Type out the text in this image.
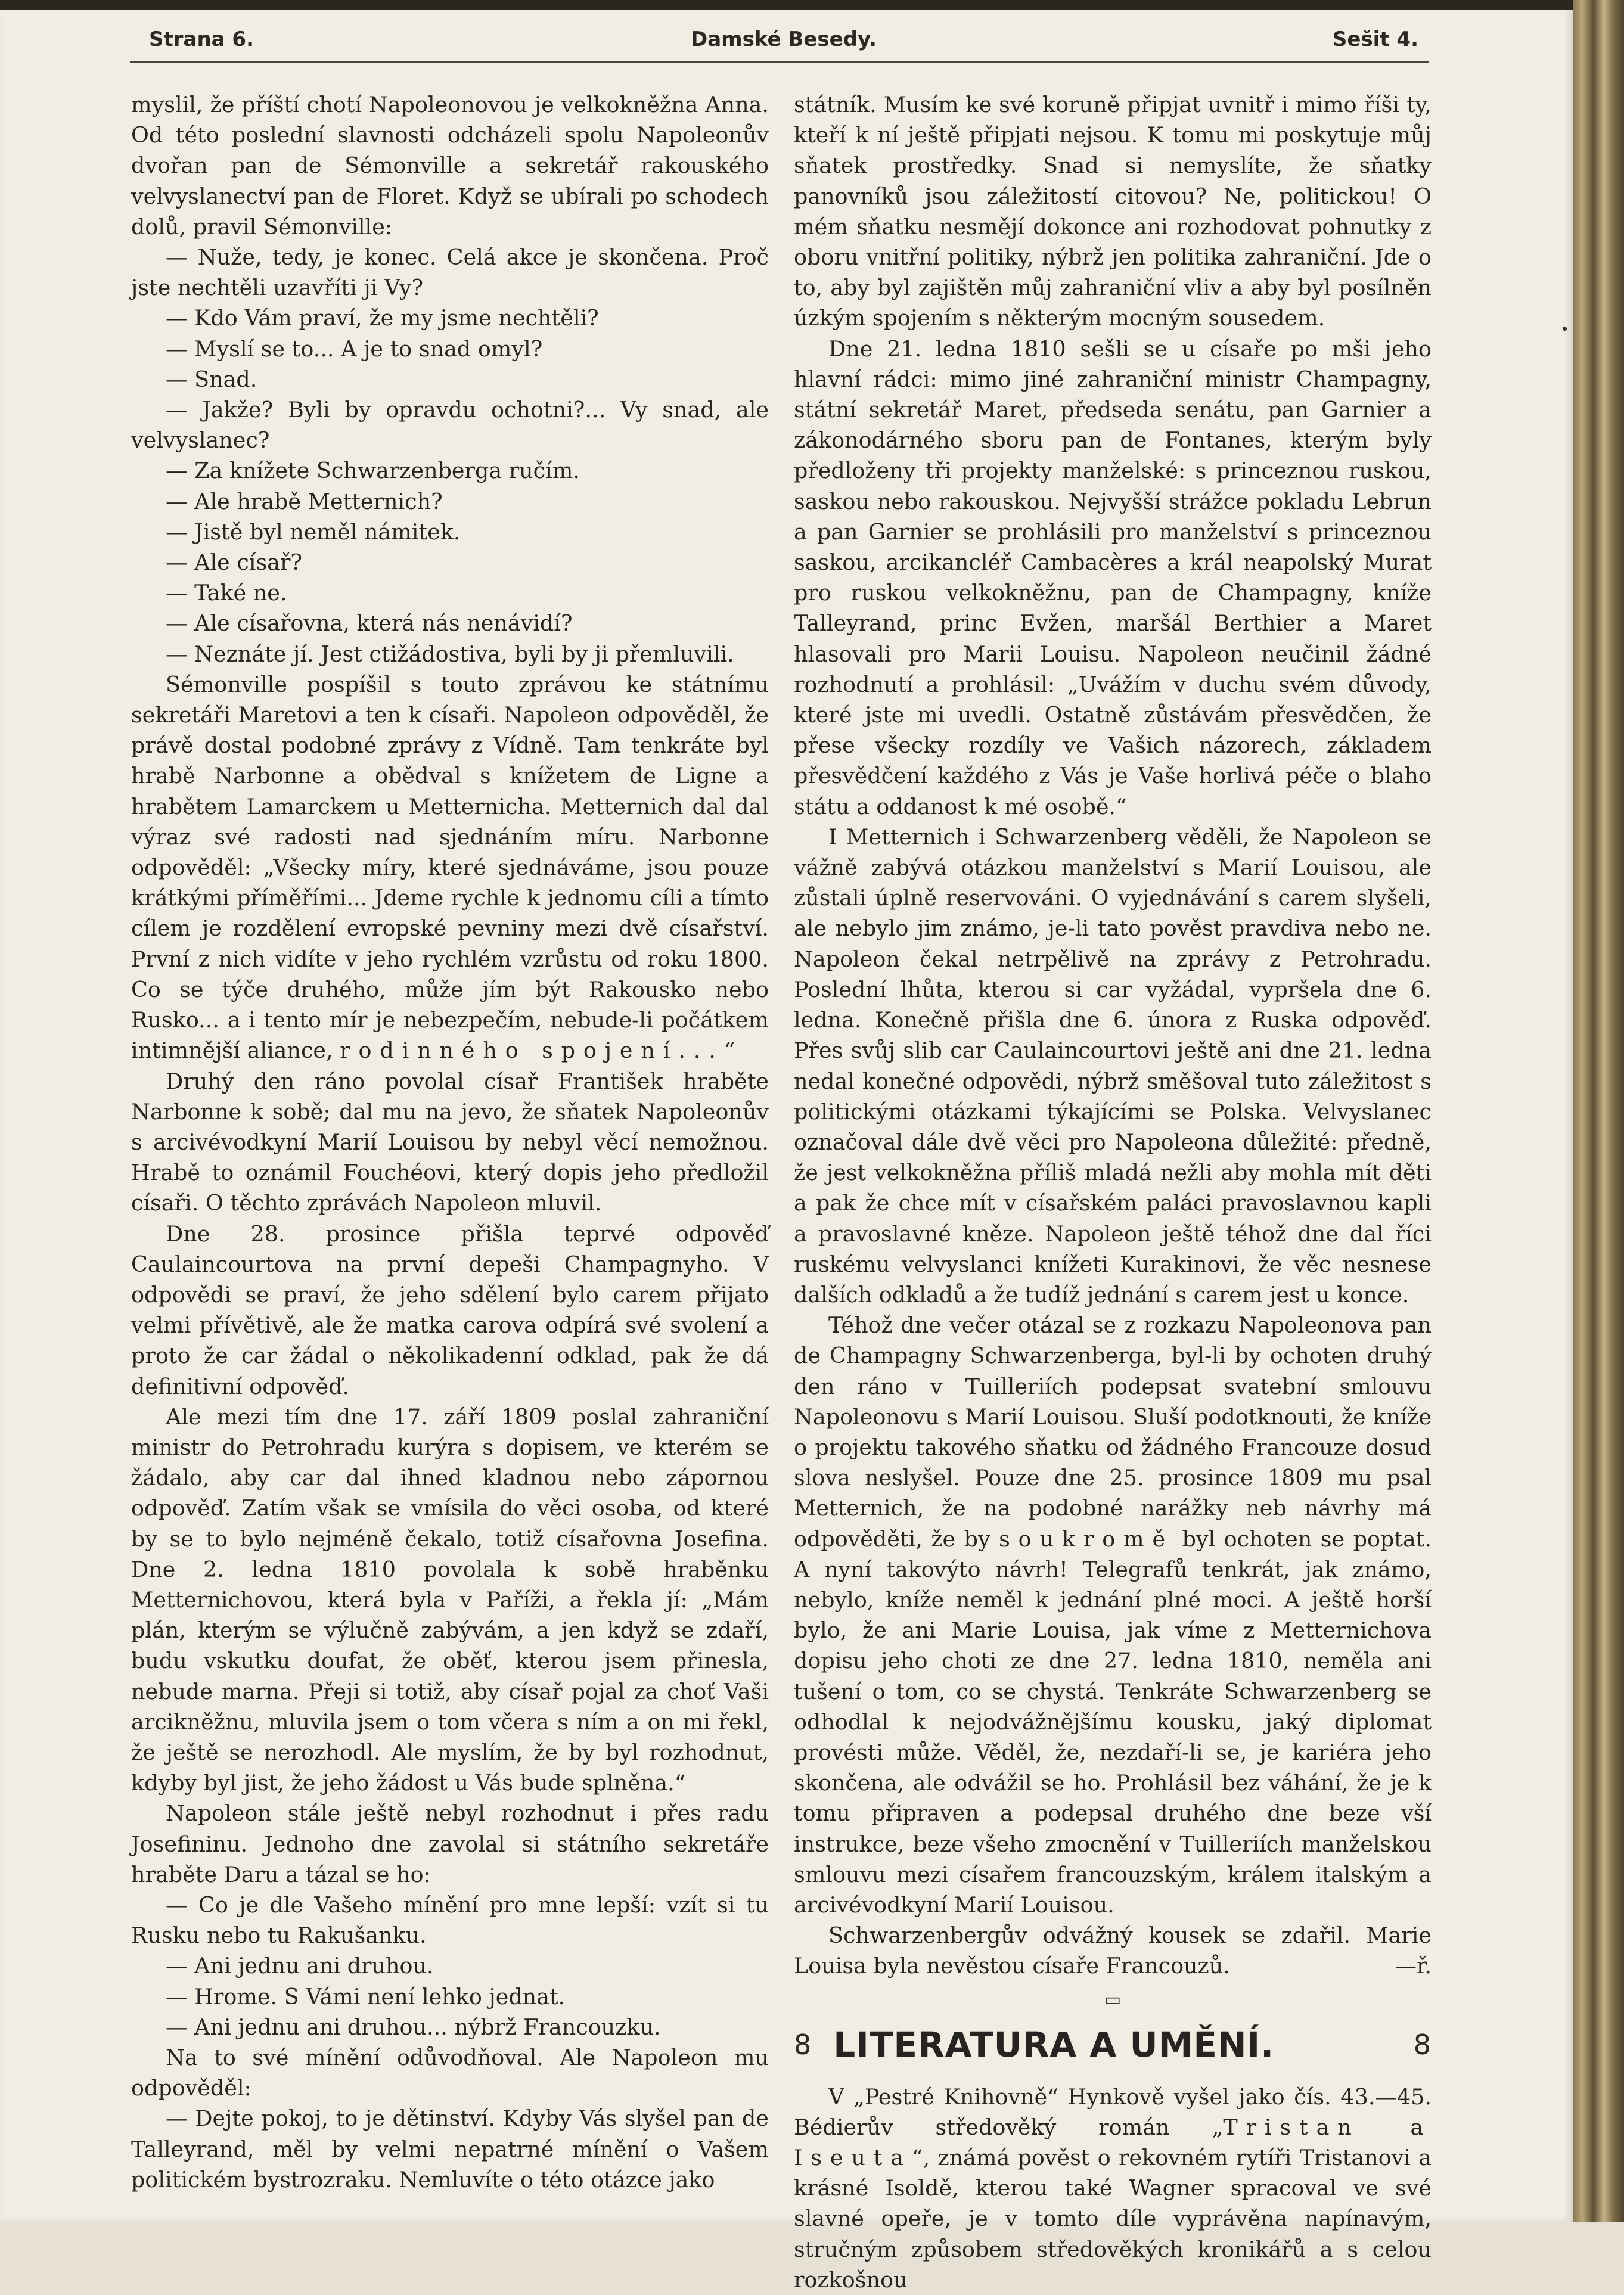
Strana 6.	Damské Besedy.	Sešit 4.

myslil, že příští chotí Napoleonovou je velkokněžna Anna. Od této poslední slavnosti odcházeli spolu Napoleonův dvořan pan de Sémonville a sekretář rakouského velvyslanectví pan de Floret. Když se ubírali po schodech dolů, pravil Sémonville:

— Nuže, tedy, je konec. Celá akce je skončena. Proč jste nechtěli uzavříti ji Vy?

— Kdo Vám praví, že my jsme nechtěli?

— Myslí se to... A je to snad omyl?

— Snad.

— Jakže? Byli by opravdu ochotni?... Vy snad, ale velvyslanec?

— Za knížete Schwarzenberga ručím.

— Ale hrabě Metternich?

— Jistě byl neměl námitek.

— Ale císař?

— Také ne.

— Ale císařovna, která nás nenávidí?

— Neznáte jí. Jest ctižádostiva, byli by ji přemluvili.

Sémonville pospíšil s touto zprávou ke státnímu sekretáři Maretovi a ten k císaři. Napoleon odpověděl, že právě dostal podobné zprávy z Vídně. Tam tenkráte byl hrabě Narbonne a obědval s knížetem de Ligne a hrabětem Lamarckem u Metternicha. Metternich dal dal výraz své radosti nad sjednáním míru. Narbonne odpověděl: „Všecky míry, které sjednáváme, jsou pouze krátkými příměřími... Jdeme rychle k jednomu cíli a tímto cílem je rozdělení evropské pevniny mezi dvě císařství. První z nich vidíte v jeho rychlém vzrůstu od roku 1800. Co se týče druhého, může jím být Rakousko nebo Rusko... a i tento mír je nebezpečím, nebude-li počátkem intimnější aliance, rodinného spojení...“

Druhý den ráno povolal císař František hraběte Narbonne k sobě; dal mu na jevo, že sňatek Napoleonův s arcivévodkyní Marií Louisou by nebyl věcí nemožnou. Hrabě to oznámil Fouchéovi, který dopis jeho předložil císaři. O těchto zprávách Napoleon mluvil.

Dne 28. prosince přišla teprvé odpověď Caulaincourtova na první depeši Champagnyho. V odpovědi se praví, že jeho sdělení bylo carem přijato velmi přívětivě, ale že matka carova odpírá své svolení a proto že car žádal o několikadenní odklad, pak že dá definitivní odpověď.

Ale mezi tím dne 17. září 1809 poslal zahraniční ministr do Petrohradu kurýra s dopisem, ve kterém se žádalo, aby car dal ihned kladnou nebo zápornou odpověď. Zatím však se vmísila do věci osoba, od které by se to bylo nejméně čekalo, totiž císařovna Josefina. Dne 2. ledna 1810 povolala k sobě hraběnku Metternichovou, která byla v Paříži, a řekla jí: „Mám plán, kterým se výlučně zabývám, a jen když se zdaří, budu vskutku doufat, že oběť, kterou jsem přinesla, nebude marna. Přeji si totiž, aby císař pojal za choť Vaši arcikněžnu, mluvila jsem o tom včera s ním a on mi řekl, že ještě se nerozhodl. Ale myslím, že by byl rozhodnut, kdyby byl jist, že jeho žádost u Vás bude splněna.“

Napoleon stále ještě nebyl rozhodnut i přes radu Josefininu. Jednoho dne zavolal si státního sekretáře hraběte Daru a tázal se ho:

— Co je dle Vašeho mínění pro mne lepší: vzít si tu Rusku nebo tu Rakušanku.

— Ani jednu ani druhou.

— Hrome. S Vámi není lehko jednat.

— Ani jednu ani druhou... nýbrž Francouzku.

Na to své mínění odůvodňoval. Ale Napoleon mu odpověděl:

— Dejte pokoj, to je dětinství. Kdyby Vás slyšel pan de Talleyrand, měl by velmi nepatrné mínění o Vašem politickém bystrozraku. Nemluvíte o této otázce jako

státník. Musím ke své koruně připjat uvnitř i mimo říši ty, kteří k ní ještě připjati nejsou. K tomu mi poskytuje můj sňatek prostředky. Snad si nemyslíte, že sňatky panovníků jsou záležitostí citovou? Ne, politickou! O mém sňatku nesmějí dokonce ani rozhodovat pohnutky z oboru vnitřní politiky, nýbrž jen politika zahraniční. Jde o to, aby byl zajištěn můj zahraniční vliv a aby byl posílněn úzkým spojením s některým mocným sousedem.

Dne 21. ledna 1810 sešli se u císaře po mši jeho hlavní rádci: mimo jiné zahraniční ministr Champagny, státní sekretář Maret, předseda senátu, pan Garnier a zákonodárného sboru pan de Fontanes, kterým byly předloženy tři projekty manželské: s princeznou ruskou, saskou nebo rakouskou. Nejvyšší strážce pokladu Lebrun a pan Garnier se prohlásili pro manželství s princeznou saskou, arcikancléř Cambacères a král neapolský Murat pro ruskou velkokněžnu, pan de Champagny, kníže Talleyrand, princ Evžen, maršál Berthier a Maret hlasovali pro Marii Louisu. Napoleon neučinil žádné rozhodnutí a prohlásil: „Uvážím v duchu svém důvody, které jste mi uvedli. Ostatně zůstávám přesvědčen, že přese všecky rozdíly ve Vašich názorech, základem přesvědčení každého z Vás je Vaše horlivá péče o blaho státu a oddanost k mé osobě.“

I Metternich i Schwarzenberg věděli, že Napoleon se vážně zabývá otázkou manželství s Marií Louisou, ale zůstali úplně reservováni. O vyjednávání s carem slyšeli, ale nebylo jim známo, je-li tato pověst pravdiva nebo ne. Napoleon čekal netrpělivě na zprávy z Petrohradu. Poslední lhůta, kterou si car vyžádal, vypršela dne 6. ledna. Konečně přišla dne 6. února z Ruska odpověď. Přes svůj slib car Caulaincourtovi ještě ani dne 21. ledna nedal konečné odpovědi, nýbrž směšoval tuto záležitost s politickými otázkami týkajícími se Polska. Velvyslanec označoval dále dvě věci pro Napoleona důležité: předně, že jest velkokněžna příliš mladá nežli aby mohla mít děti a pak že chce mít v císařském paláci pravoslavnou kapli a pravoslavné kněze. Napoleon ještě téhož dne dal říci ruskému velvyslanci knížeti Kurakinovi, že věc nesnese dalších odkladů a že tudíž jednání s carem jest u konce.

Téhož dne večer otázal se z rozkazu Napoleonova pan de Champagny Schwarzenberga, byl-li by ochoten druhý den ráno v Tuilleriích podepsat svatební smlouvu Napoleonovu s Marií Louisou. Sluší podotknouti, že kníže o projektu takového sňatku od žádného Francouze dosud slova neslyšel. Pouze dne 25. prosince 1809 mu psal Metternich, že na podobné narážky neb návrhy má odpověděti, že by soukromě byl ochoten se poptat. A nyní takovýto návrh! Telegrafů tenkrát, jak známo, nebylo, kníže neměl k jednání plné moci. A ještě horší bylo, že ani Marie Louisa, jak víme z Metternichova dopisu jeho choti ze dne 27. ledna 1810, neměla ani tušení o tom, co se chystá. Tenkráte Schwarzenberg se odhodlal k nejodvážnějšímu kousku, jaký diplomat provésti může. Věděl, že, nezdaří-li se, je kariéra jeho skončena, ale odvážil se ho. Prohlásil bez váhání, že je k tomu připraven a podepsal druhého dne beze vší instrukce, beze všeho zmocnění v Tuilleriích manželskou smlouvu mezi císařem francouzským, králem italským a arcivévodkyní Marií Louisou.

Schwarzenbergův odvážný kousek se zdařil. Marie Louisa byla nevěstou císaře Francouzů.	—ř.

▭
8 LITERATURA A UMĚNÍ.	8

V „Pestré Knihovně“ Hynkově vyšel jako čís. 43.—45. Bédierův středověký román „Tristan a Iseuta“, známá pověst o rekovném rytíři Tristanovi a krásné Isoldě, kterou také Wagner spracoval ve své slavné opeře, je v tomto díle vyprávěna napínavým, stručným způsobem středověkých kronikářů a s celou rozkošnou
